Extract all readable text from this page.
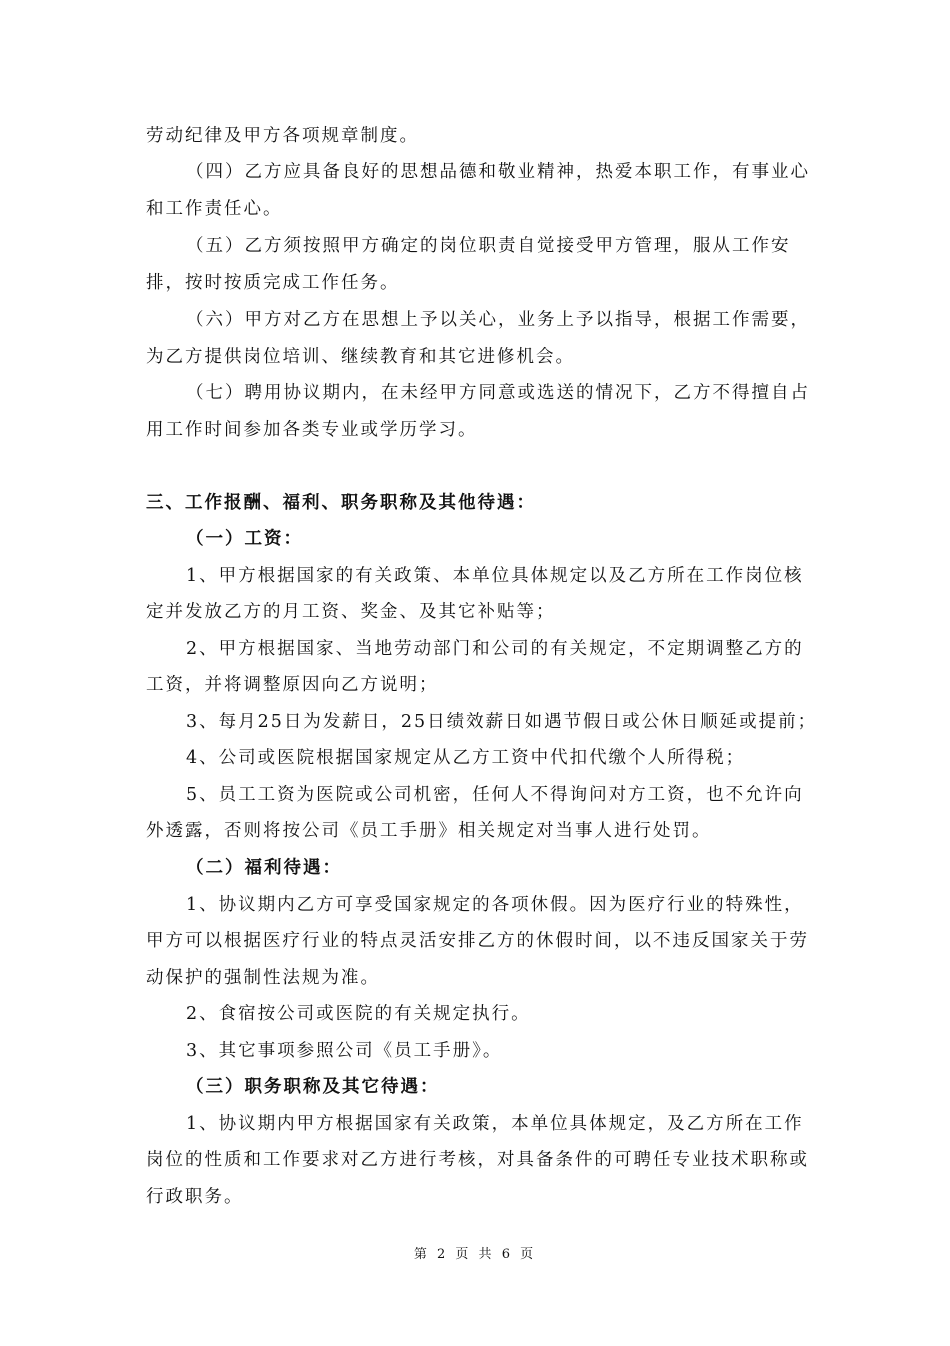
劳动纪律及甲方各项规章制度。
（四）乙方应具备良好的思想品德和敬业精神，热爱本职工作，有事业心
和工作责任心。
（五）乙方须按照甲方确定的岗位职责自觉接受甲方管理，服从工作安
排，按时按质完成工作任务。
（六）甲方对乙方在思想上予以关心，业务上予以指导，根据工作需要，
为乙方提供岗位培训、继续教育和其它进修机会。
（七）聘用协议期内，在未经甲方同意或选送的情况下，乙方不得擅自占
用工作时间参加各类专业或学历学习。
三、工作报酬、福利、职务职称及其他待遇：
（一）工资：
1、甲方根据国家的有关政策、本单位具体规定以及乙方所在工作岗位核
定并发放乙方的月工资、奖金、及其它补贴等；
2、甲方根据国家、当地劳动部门和公司的有关规定，不定期调整乙方的
工资，并将调整原因向乙方说明；
3、每月25日为发薪日，25日绩效薪日如遇节假日或公休日顺延或提前；
4、公司或医院根据国家规定从乙方工资中代扣代缴个人所得税；
5、员工工资为医院或公司机密，任何人不得询问对方工资，也不允许向
外透露，否则将按公司《员工手册》相关规定对当事人进行处罚。
（二）福利待遇：
1、协议期内乙方可享受国家规定的各项休假。因为医疗行业的特殊性，
甲方可以根据医疗行业的特点灵活安排乙方的休假时间，以不违反国家关于劳
动保护的强制性法规为准。
2、食宿按公司或医院的有关规定执行。
3、其它事项参照公司《员工手册》。
（三）职务职称及其它待遇：
1、协议期内甲方根据国家有关政策，本单位具体规定，及乙方所在工作
岗位的性质和工作要求对乙方进行考核，对具备条件的可聘任专业技术职称或
行政职务。
第 2 页 共 6 页
